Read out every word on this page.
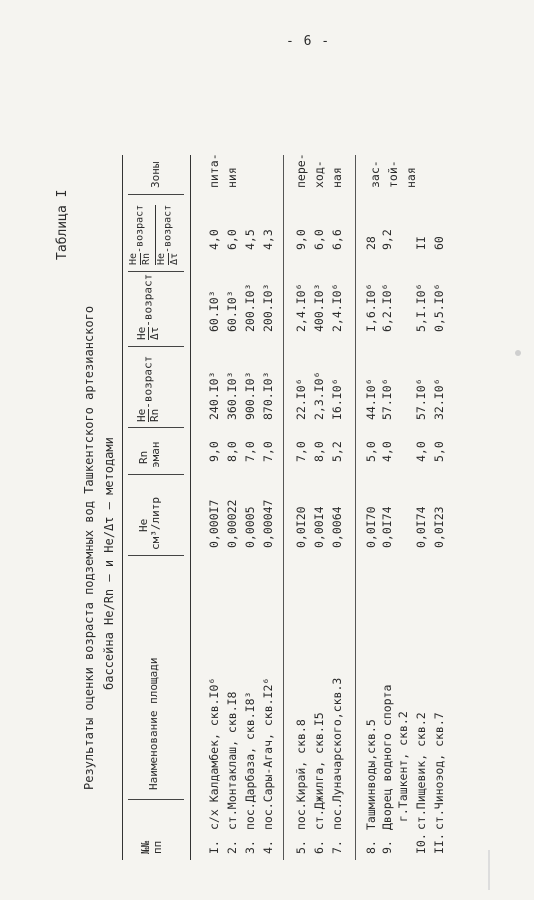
- 6 -
Таблица I
Результаты оценки возраста подземных вод Ташкентского артезианского бассейна He/Rn – и He/Δτ – методами
№№ пп
Наименование площади
He см³/литр
Rn эман
He Rn
-возраст
He Δτ
-возраст
He Rn
-возраст
He Δτ
-возраст
Зоны
I.
с/х Калдамбек, скв.I0⁶
0,000I7
9,0
240.I0³
60.I0³
4,0
2.
ст.Монтаклаш, скв.I8
0,00022
8,0
360.I0³
60.I0³
6,0
3.
пос.Дарбаза, скв.I8³
0,0005
7,0
900.I0³
200.I0³
4,5
4.
пос.Сары-Агач, скв.I2⁶
0,00047
7,0
870.I0³
200.I0³
4,3
5.
пос.Кирай, скв.8
0,0I20
7,0
22.I0⁶
2,4.I0⁶
9,0
6.
ст.Джилга, скв.I5
0,00I4
8,0
2,3.I0⁶
400.I0³
6,0
7.
пос.Луначарского,скв.3
0,0064
5,2
I6.I0⁶
2,4.I0⁶
6,6
8.
Ташминводы,скв.5
0,0I70
5,0
44.I0⁶
I,6.I0⁶
28
9.
Дворец водного спорта
0,0I74
4,0
57.I0⁶
6,2.I0⁶
9,2
г.Ташкент, скв.2
I0.
ст.Пищевик, скв.2
0,0I74
4,0
57.I0⁶
5,I.I0⁶
II
II.
ст.Чиноэод, скв.7
0,0I23
5,0
32.I0⁶
0,5.I0⁶
60
пита- ния	пере- ход- ная зас- той- ная
